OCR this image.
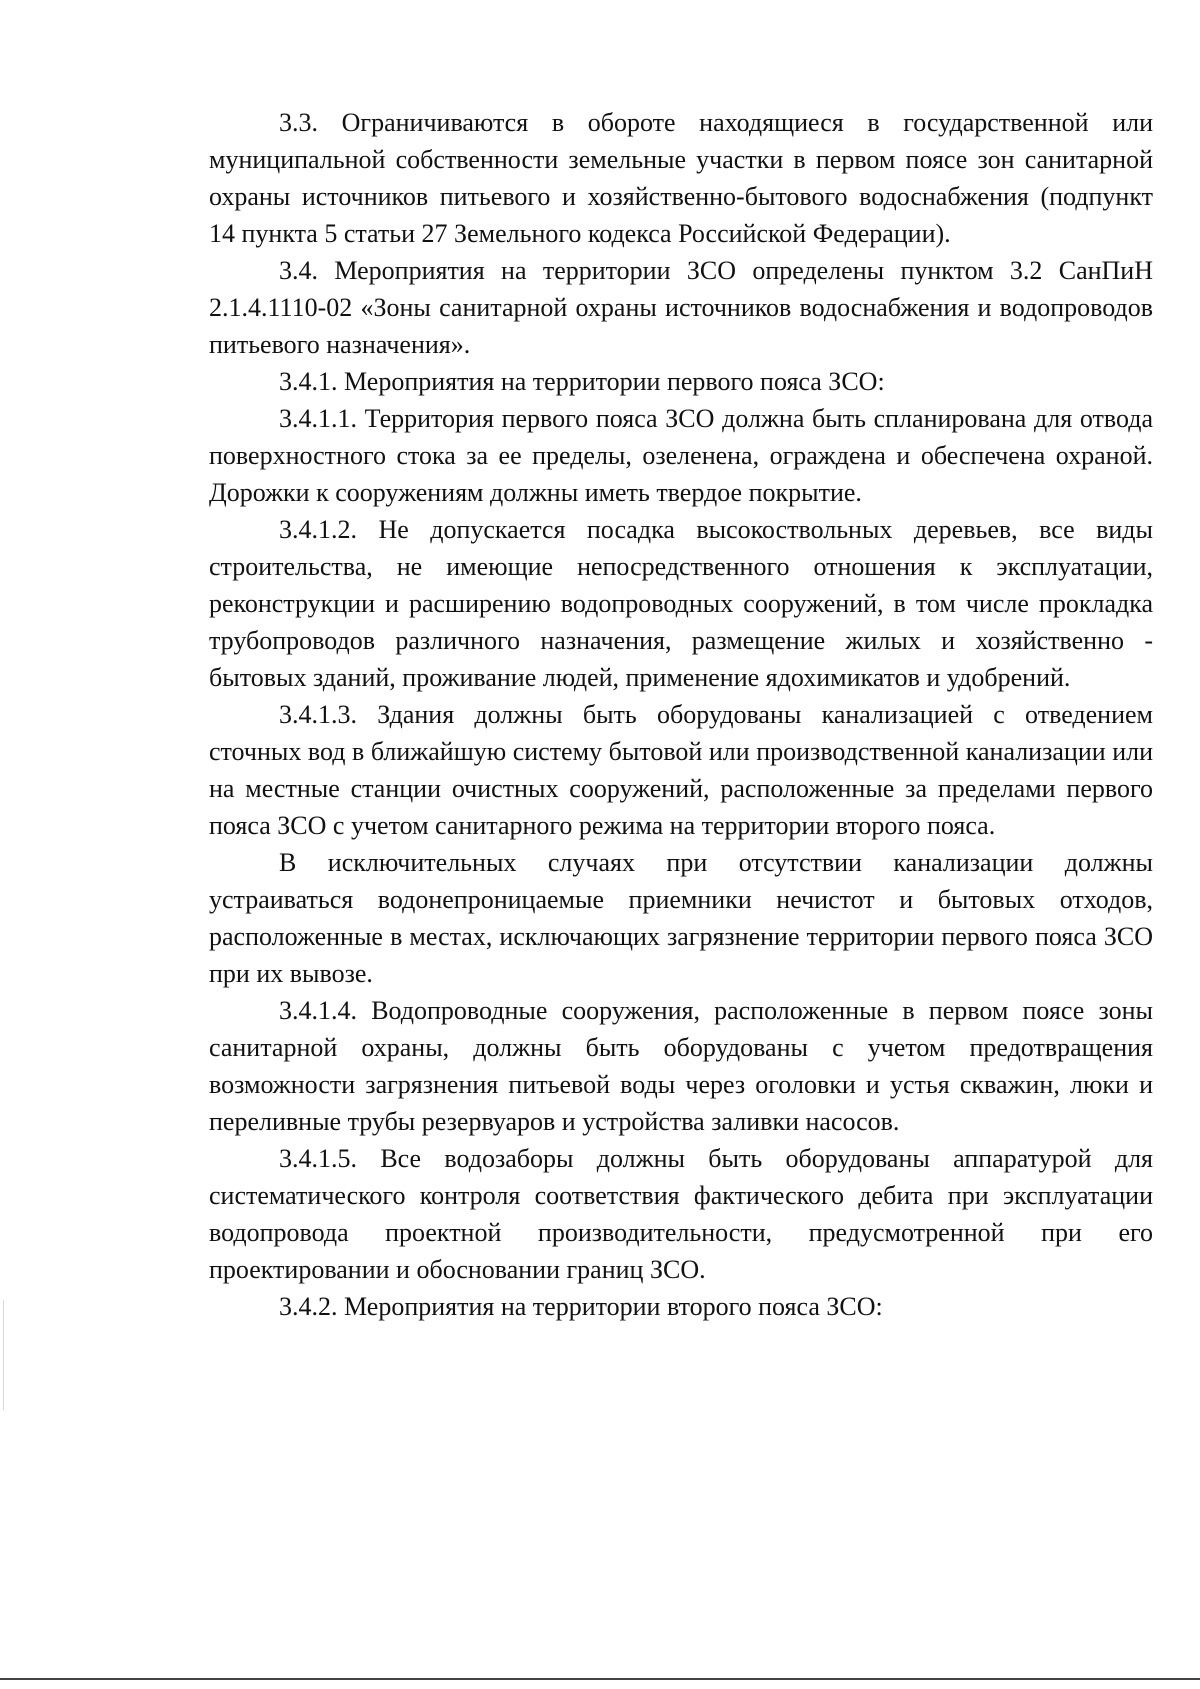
3.3. Ограничиваются в обороте находящиеся в государственной или муниципальной собственности земельные участки в первом поясе зон санитарной охраны источников питьевого и хозяйственно-бытового водоснабжения (подпункт 14 пункта 5 статьи 27 Земельного кодекса Российской Федерации).

3.4. Мероприятия на территории ЗСО определены пунктом 3.2 СанПиН 2.1.4.1110-02 «Зоны санитарной охраны источников водоснабжения и водопроводов питьевого назначения».

3.4.1. Мероприятия на территории первого пояса ЗСО:

3.4.1.1. Территория первого пояса ЗСО должна быть спланирована для отвода поверхностного стока за ее пределы, озеленена, ограждена и обеспечена охраной. Дорожки к сооружениям должны иметь твердое покрытие.

3.4.1.2. Не допускается посадка высокоствольных деревьев, все виды строительства, не имеющие непосредственного отношения к эксплуатации, реконструкции и расширению водопроводных сооружений, в том числе прокладка трубопроводов различного назначения, размещение жилых и хозяйственно - бытовых зданий, проживание людей, применение ядохимикатов и удобрений.

3.4.1.3. Здания должны быть оборудованы канализацией с отведением сточных вод в ближайшую систему бытовой или производственной канализации или на местные станции очистных сооружений, расположенные за пределами первого пояса ЗСО с учетом санитарного режима на территории второго пояса.

В исключительных случаях при отсутствии канализации должны устраиваться водонепроницаемые приемники нечистот и бытовых отходов, расположенные в местах, исключающих загрязнение территории первого пояса ЗСО при их вывозе.

3.4.1.4. Водопроводные сооружения, расположенные в первом поясе зоны санитарной охраны, должны быть оборудованы с учетом предотвращения возможности загрязнения питьевой воды через оголовки и устья скважин, люки и переливные трубы резервуаров и устройства заливки насосов.

3.4.1.5. Все водозаборы должны быть оборудованы аппаратурой для систематического контроля соответствия фактического дебита при эксплуатации водопровода проектной производительности, предусмотренной при его проектировании и обосновании границ ЗСО.

3.4.2. Мероприятия на территории второго пояса ЗСО:
